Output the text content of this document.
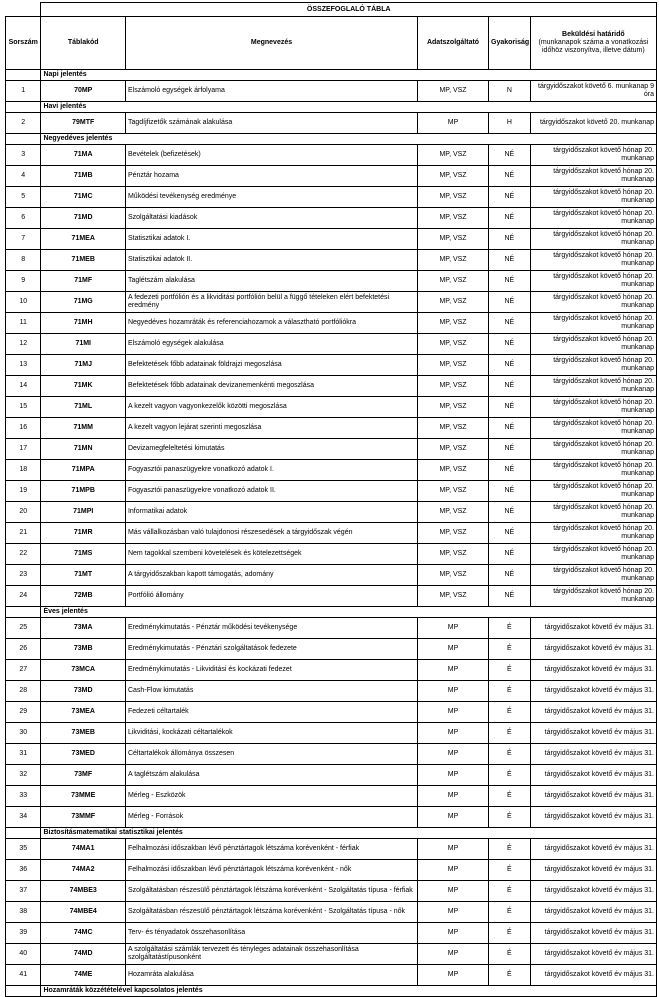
	ÖSSZEFOGLALÓ TÁBLA				
Sorszám	Táblakód	Megnevezés	Adatszolgáltató	Gyakoriság	Beküldési határidő
(munkanapok száma a vonatkozási időhöz viszonyítva, illetve dátum)
	Napi jelentés				
1	70MP	Elszámoló egységek árfolyama	MP, VSZ	N	tárgyidőszakot követő 6. munkanap 9 óra
	Havi jelentés				
2	79MTF	Tagdíjfizetők számának alakulása	MP	H	tárgyidőszakot követő 20. munkanap
	Negyedéves jelentés				
3	71MA	Bevételek (befizetések)	MP, VSZ	NÉ	tárgyidőszakot követő hónap 20. munkanap
4	71MB	Pénztár hozama	MP, VSZ	NÉ	tárgyidőszakot követő hónap 20. munkanap
5	71MC	Működési tevékenység eredménye	MP, VSZ	NÉ	tárgyidőszakot követő hónap 20. munkanap
6	71MD	Szolgáltatási kiadások	MP, VSZ	NÉ	tárgyidőszakot követő hónap 20. munkanap
7	71MEA	Statisztikai adatok I.	MP, VSZ	NÉ	tárgyidőszakot követő hónap 20. munkanap
8	71MEB	Statisztikai adatok II.	MP, VSZ	NÉ	tárgyidőszakot követő hónap 20. munkanap
9	71MF	Taglétszám alakulása	MP, VSZ	NÉ	tárgyidőszakot követő hónap 20. munkanap
10	71MG	A fedezeti portfólión és a likviditási portfólión belül a függő tételeken elért befektetési eredmény	MP, VSZ	NÉ	tárgyidőszakot követő hónap 20. munkanap
11	71MH	Negyedéves hozamráták és referenciahozamok a választható portfóliókra	MP, VSZ	NÉ	tárgyidőszakot követő hónap 20. munkanap
12	71MI	Elszámoló egységek alakulása	MP, VSZ	NÉ	tárgyidőszakot követő hónap 20. munkanap
13	71MJ	Befektetések főbb adatainak földrajzi megoszlása	MP, VSZ	NÉ	tárgyidőszakot követő hónap 20. munkanap
14	71MK	Befektetések főbb adatainak devizanemenkénti megoszlása	MP, VSZ	NÉ	tárgyidőszakot követő hónap 20. munkanap
15	71ML	A kezelt vagyon vagyonkezelők közötti megoszlása	MP, VSZ	NÉ	tárgyidőszakot követő hónap 20. munkanap
16	71MM	A kezelt vagyon lejárat szerinti megoszlása	MP, VSZ	NÉ	tárgyidőszakot követő hónap 20. munkanap
17	71MN	Devizamegfeleltetési kimutatás	MP, VSZ	NÉ	tárgyidőszakot követő hónap 20. munkanap
18	71MPA	Fogyasztói panaszügyekre vonatkozó adatok I.	MP, VSZ	NÉ	tárgyidőszakot követő hónap 20. munkanap
19	71MPB	Fogyasztói panaszügyekre vonatkozó adatok II.	MP, VSZ	NÉ	tárgyidőszakot követő hónap 20. munkanap
20	71MPI	Informatikai adatok	MP, VSZ	NÉ	tárgyidőszakot követő hónap 20. munkanap
21	71MR	Más vállalkozásban való tulajdonosi részesedések a tárgyidőszak végén	MP, VSZ	NÉ	tárgyidőszakot követő hónap 20. munkanap
22	71MS	Nem tagokkal szembeni követelések és kötelezettségek	MP, VSZ	NÉ	tárgyidőszakot követő hónap 20. munkanap
23	71MT	A tárgyidőszakban kapott támogatás, adomány	MP, VSZ	NÉ	tárgyidőszakot követő hónap 20. munkanap
24	72MB	Portfólió állomány	MP, VSZ	NÉ	tárgyidőszakot követő hónap 20. munkanap
	Éves jelentés				
25	73MA	Eredménykimutatás - Pénztár működési tevékenysége	MP	É	tárgyidőszakot követő év május 31.
26	73MB	Eredménykimutatás - Pénztári szolgáltatások fedezete	MP	É	tárgyidőszakot követő év május 31.
27	73MCA	Eredménykimutatás - Likviditási és kockázati fedezet	MP	É	tárgyidőszakot követő év május 31.
28	73MD	Cash-Flow kimutatás	MP	É	tárgyidőszakot követő év május 31.
29	73MEA	Fedezeti céltartalék	MP	É	tárgyidőszakot követő év május 31.
30	73MEB	Likviditási, kockázati céltartalékok	MP	É	tárgyidőszakot követő év május 31.
31	73MED	Céltartalékok állománya összesen	MP	É	tárgyidőszakot követő év május 31.
32	73MF	A taglétszám alakulása	MP	É	tárgyidőszakot követő év május 31.
33	73MME	Mérleg - Eszközök	MP	É	tárgyidőszakot követő év május 31.
34	73MMF	Mérleg - Források	MP	É	tárgyidőszakot követő év május 31.
	Biztosításmatematikai statisztikai jelentés				
35	74MA1	Felhalmozási időszakban lévő pénztártagok létszáma korévenként - férfiak	MP	É	tárgyidőszakot követő év május 31.
36	74MA2	Felhalmozási időszakban lévő pénztártagok létszáma korévenként - nők	MP	É	tárgyidőszakot követő év május 31.
37	74MBE3	Szolgáltatásban részesülő pénztártagok létszáma korévenként - Szolgáltatás típusa - férfiak	MP	É	tárgyidőszakot követő év május 31.
38	74MBE4	Szolgáltatásban részesülő pénztártagok létszáma korévenként - Szolgáltatás típusa - nők	MP	É	tárgyidőszakot követő év május 31.
39	74MC	Terv- és tényadatok összehasonlítása	MP	É	tárgyidőszakot követő év május 31.
40	74MD	A szolgáltatási számlák tervezett és tényleges adatainak összehasonlítása szolgáltatástípusonként	MP	É	tárgyidőszakot követő év május 31.
41	74ME	Hozamráta alakulása	MP	É	tárgyidőszakot követő év május 31.
	Hozamráták közzétételével kapcsolatos jelentés				
